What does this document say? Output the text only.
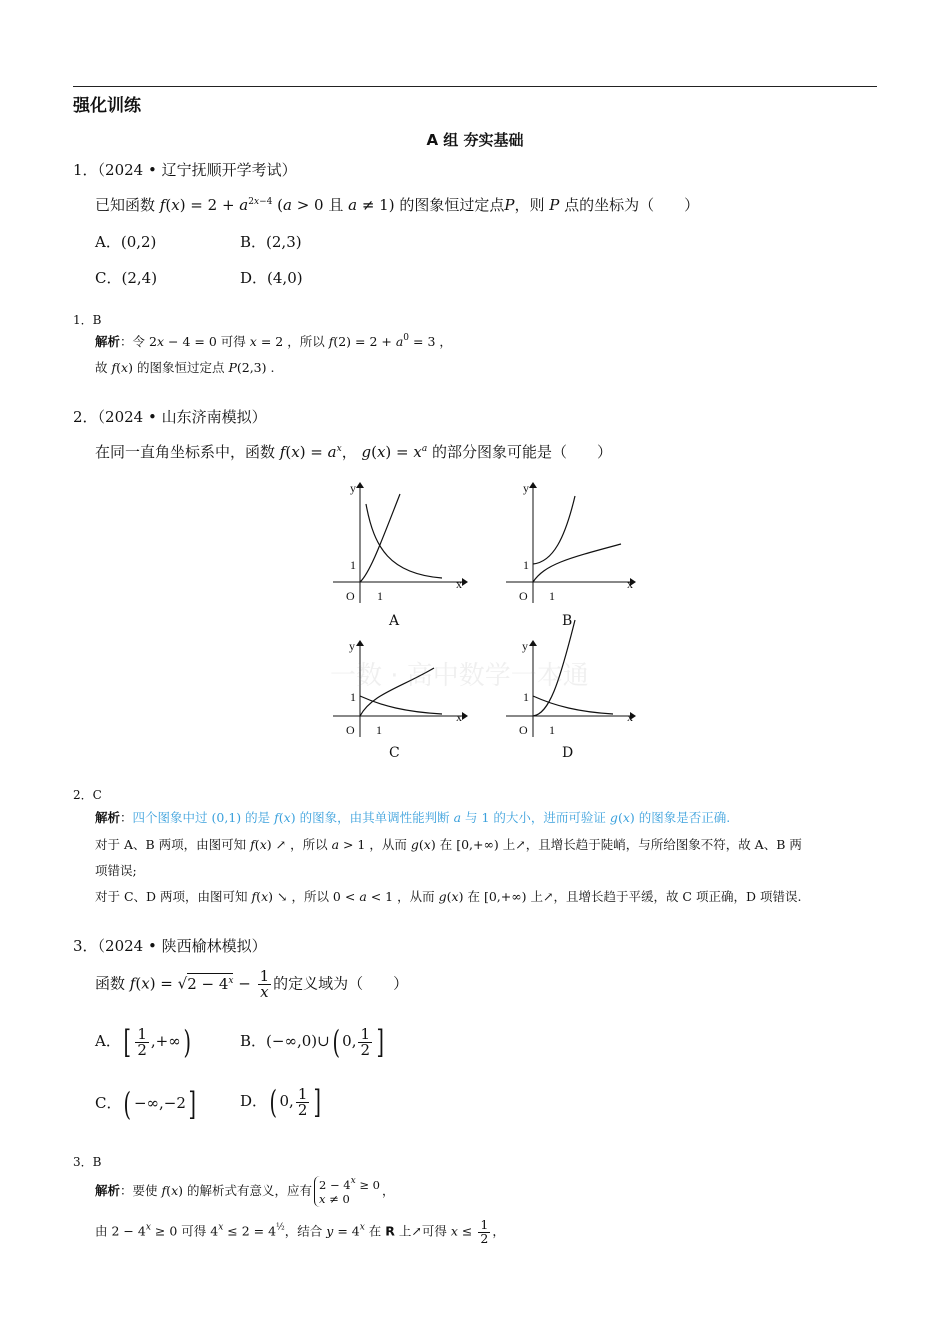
强化训练
A 组 夯实基础
1．（2024 • 辽宁抚顺开学考试）
已知函数 $f(x) = 2 + a^{2x-4}$ (a > 0 且 a ≠ 1) 的图象恒过定点P，则 P 点的坐标为（　　）
A．(0,2)	B．(2,3)
C．(2,4)	D．(4,0)
1．B
解析：令 2x − 4 = 0 可得 x = 2 ，所以 $f(2) = 2 + a^0 = 3$ ，
故 f(x) 的图象恒过定点 P(2,3) .
2．（2024 • 山东济南模拟）
在同一直角坐标系中，函数 $f(x) = a^x$， $g(x) = x^a$ 的部分图象可能是（　　）
y
x
O 1
1
A
y
x
O 1
1
B
y
x
O 1
1
C
y
x
O 1
1
D
一数 · 高中数学一本通
2．C
解析：四个图象中过 (0,1) 的是 f(x) 的图象，由其单调性能判断 a 与 1 的大小，进而可验证 g(x) 的图象是否正确.
对于 A、B 两项，由图可知 f(x) ↗ ，所以 a > 1 ，从而 g(x) 在 [0,+∞) 上↗，且增长趋于陡峭，与所给图象不符，故 A、B 两
项错误;
对于 C、D 两项，由图可知 f(x) ↘ ，所以 0 < a < 1 ，从而 g(x) 在 [0,+∞) 上↗，且增长趋于平缓，故 C 项正确，D 项错误.
3．（2024 • 陕西榆林模拟）
函数 $f(x) = √2 - 4^x - \frac{1}{x}$ 的定义域为（　　）
A．[ $\frac{1}{2}$ ,+∞)	B．(−∞,0)∪( 0, $\frac{1}{2}$ ]
C．( −∞,−2]	D．( 0, $\frac{1}{2}$ ]
3．B
解析：要使 f(x) 的解析式有意义，应有 $2 - 4^x \ge 0$
x ≠ 0
，
由 $2 - 4^x \ge 0$ 可得 $4^x \le 2 = 4^{\frac{1}{2}}$，结合 $y = 4^x$ 在 R 上↗可得 $x \le \frac{1}{2}$ ，
